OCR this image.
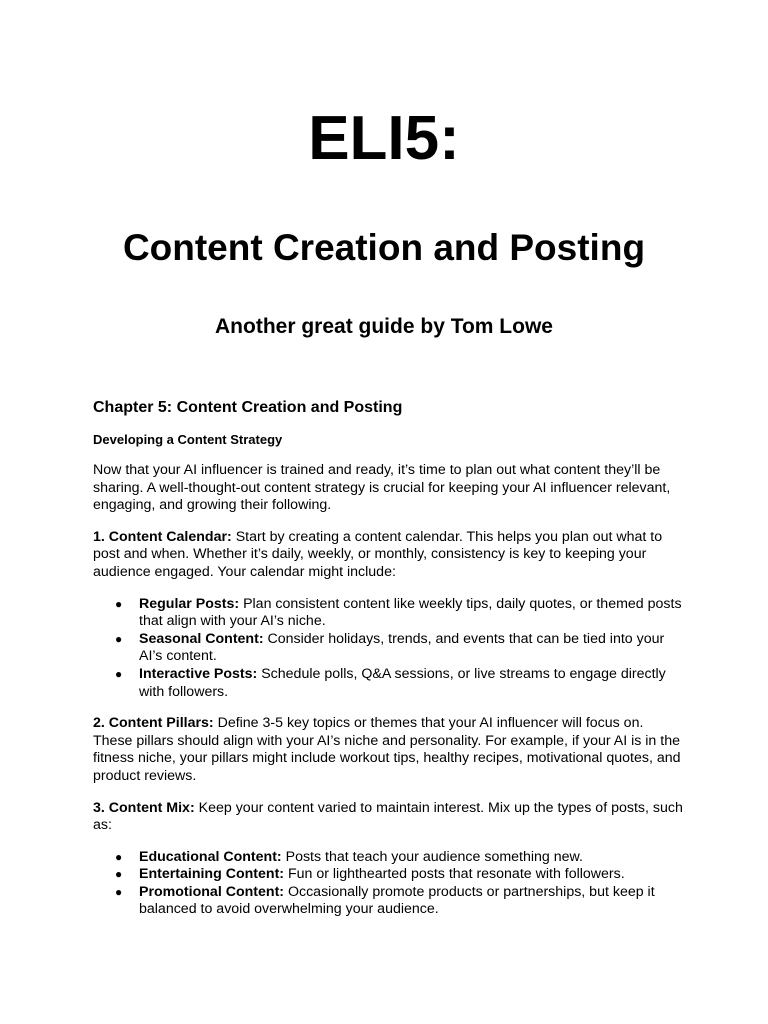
ELI5:
Content Creation and Posting
Another great guide by Tom Lowe
Chapter 5: Content Creation and Posting
Developing a Content Strategy

Now that your AI influencer is trained and ready, it’s time to plan out what content they’ll be sharing. A well-thought-out content strategy is crucial for keeping your AI influencer relevant, engaging, and growing their following.

1. Content Calendar: Start by creating a content calendar. This helps you plan out what to post and when. Whether it’s daily, weekly, or monthly, consistency is key to keeping your audience engaged. Your calendar might include:

● Regular Posts: Plan consistent content like weekly tips, daily quotes, or themed posts that align with your AI’s niche.
● Seasonal Content: Consider holidays, trends, and events that can be tied into your AI’s content.
● Interactive Posts: Schedule polls, Q&A sessions, or live streams to engage directly with followers.

2. Content Pillars: Define 3-5 key topics or themes that your AI influencer will focus on. These pillars should align with your AI’s niche and personality. For example, if your AI is in the fitness niche, your pillars might include workout tips, healthy recipes, motivational quotes, and product reviews.

3. Content Mix: Keep your content varied to maintain interest. Mix up the types of posts, such as:

● Educational Content: Posts that teach your audience something new.
● Entertaining Content: Fun or lighthearted posts that resonate with followers.
● Promotional Content: Occasionally promote products or partnerships, but keep it balanced to avoid overwhelming your audience.
